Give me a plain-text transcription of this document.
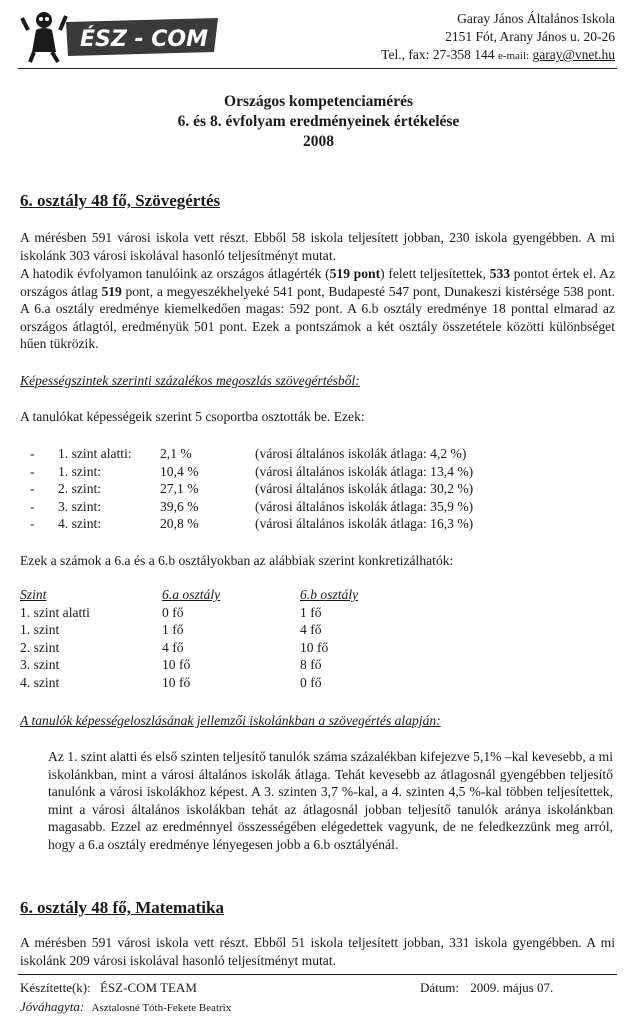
ÉSZ - COM
Garay János Általános Iskola
2151 Fót, Arany János u. 20-26
Tel., fax: 27-358 144 e-mail: garay@vnet.hu
Országos kompetenciamérés
6. és 8. évfolyam eredményeinek értékelése
2008
6. osztály 48 fő, Szövegértés
A mérésben 591 városi iskola vett részt. Ebből 58 iskola teljesített jobban, 230 iskola gyengébben. A mi iskolánk 303 városi iskolával hasonló teljesítményt mutat.
A hatodik évfolyamon tanulóink az országos átlagérték (519 pont) felett teljesítettek, 533 pontot értek el. Az országos átlag 519 pont, a megyeszékhelyeké 541 pont, Budapesté 547 pont, Dunakeszi kistérsége 538 pont. A 6.a osztály eredménye kiemelkedően magas: 592 pont. A 6.b osztály eredménye 18 ponttal elmarad az országos átlagtól, eredményük 501 pont. Ezek a pontszámok a két osztály összetétele közötti különbséget hűen tükrözik.
Képességszintek szerinti százalékos megoszlás szövegértésből:
A tanulókat képességeik szerint 5 csoportba osztották be. Ezek:
- 1. szint alatti: 2,1 %	(városi általános iskolák átlaga: 4,2 %)
- 1. szint:	10,4 %	(városi általános iskolák átlaga: 13,4 %)
- 2. szint:	27,1 %	(városi általános iskolák átlaga: 30,2 %)
- 3. szint:	39,6 %	(városi általános iskolák átlaga: 35,9 %)
- 4. szint:	20,8 %	(városi általános iskolák átlaga: 16,3 %)
Ezek a számok a 6.a és a 6.b osztályokban az alábbiak szerint konkretizálhatók:
Szint	6.a osztály	6.b osztály
1. szint alatti	0 fő	1 fő
1. szint	1 fő	4 fő
2. szint	4 fő	10 fő
3. szint	10 fő	8 fő
4. szint	10 fő	0 fő
A tanulók képességeloszlásának jellemzői iskolánkban a szövegértés alapján:
Az 1. szint alatti és első szinten teljesítő tanulók száma százalékban kifejezve 5,1% –kal kevesebb, a mi iskolánkban, mint a városi általános iskolák átlaga. Tehát kevesebb az átlagosnál gyengébben teljesítő tanulónk a városi iskolákhoz képest. A 3. szinten 3,7 %-kal, a 4. szinten 4,5 %-kal többen teljesítettek, mint a városi általános iskolákban tehát az átlagosnál jobban teljesítő tanulók aránya iskolánkban magasabb. Ezzel az eredménnyel összességében elégedettek vagyunk, de ne feledkezzünk meg arról, hogy a 6.a osztály eredménye lényegesen jobb a 6.b osztályénál.
6. osztály 48 fő, Matematika
A mérésben 591 városi iskola vett részt. Ebből 51 iskola teljesített jobban, 331 iskola gyengébben. A mi iskolánk 209 városi iskolával hasonló teljesítményt mutat.
Készítette(k): ÉSZ-COM TEAM	Dátum: 2009. május 07.
Jóváhagyta: Asztalosné Tóth-Fekete Beatrix
